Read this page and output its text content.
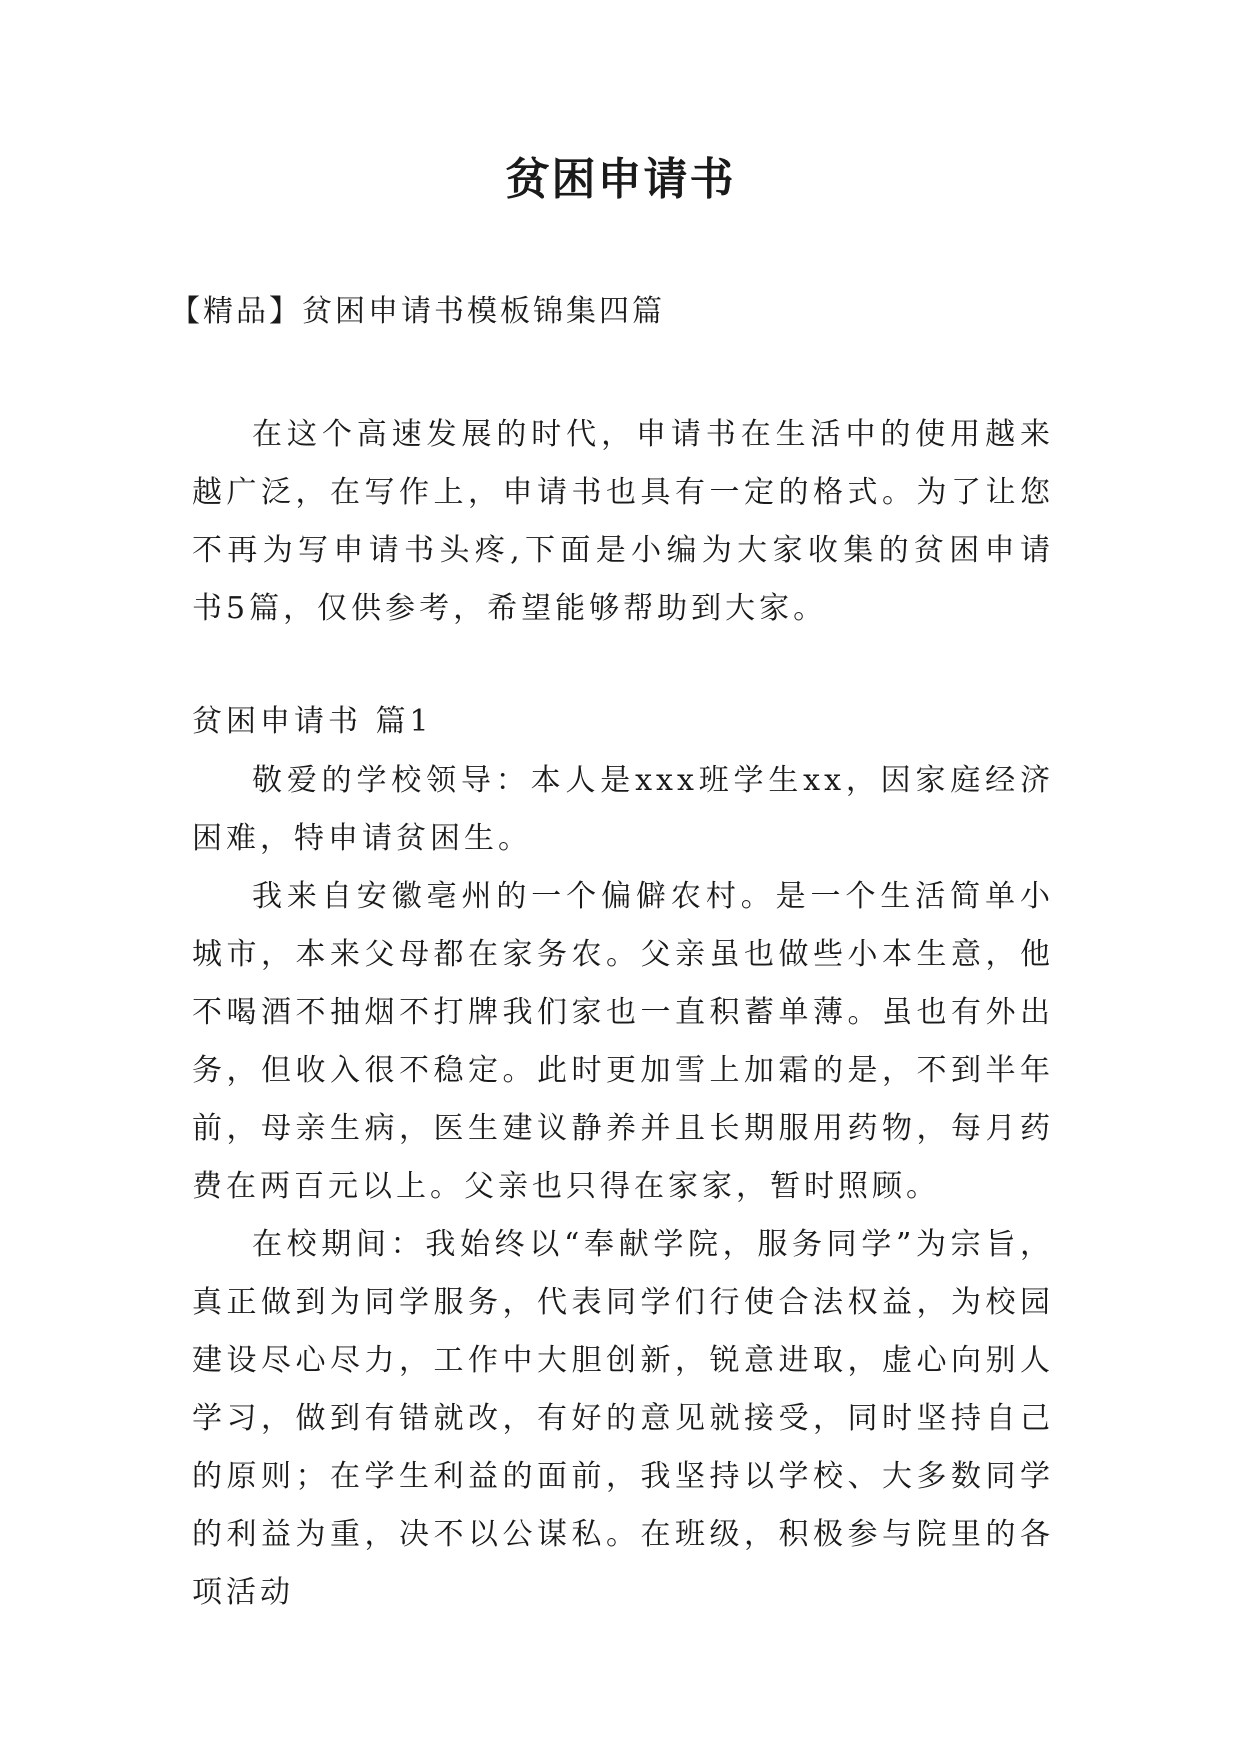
贫困申请书
【精品】贫困申请书模板锦集四篇

在这个高速发展的时代，申请书在生活中的使用越来越广泛，在写作上，申请书也具有一定的格式。为了让您不再为写申请书头疼,下面是小编为大家收集的贫困申请书5篇，仅供参考，希望能够帮助到大家。

贫困申请书 篇1

敬爱的学校领导：本人是xxx班学生xx，因家庭经济困难，特申请贫困生。

我来自安徽亳州的一个偏僻农村。是一个生活简单小城市，本来父母都在家务农。父亲虽也做些小本生意，他不喝酒不抽烟不打牌我们家也一直积蓄单薄。虽也有外出务，但收入很不稳定。此时更加雪上加霜的是，不到半年前，母亲生病，医生建议静养并且长期服用药物，每月药费在两百元以上。父亲也只得在家家，暂时照顾。

在校期间：我始终以“奉献学院，服务同学”为宗旨，真正做到为同学服务，代表同学们行使合法权益，为校园建设尽心尽力，工作中大胆创新，锐意进取，虚心向别人学习，做到有错就改，有好的意见就接受，同时坚持自己的原则；在学生利益的面前，我坚持以学校、大多数同学的利益为重，决不以公谋私。在班级，积极参与院里的各项活动
